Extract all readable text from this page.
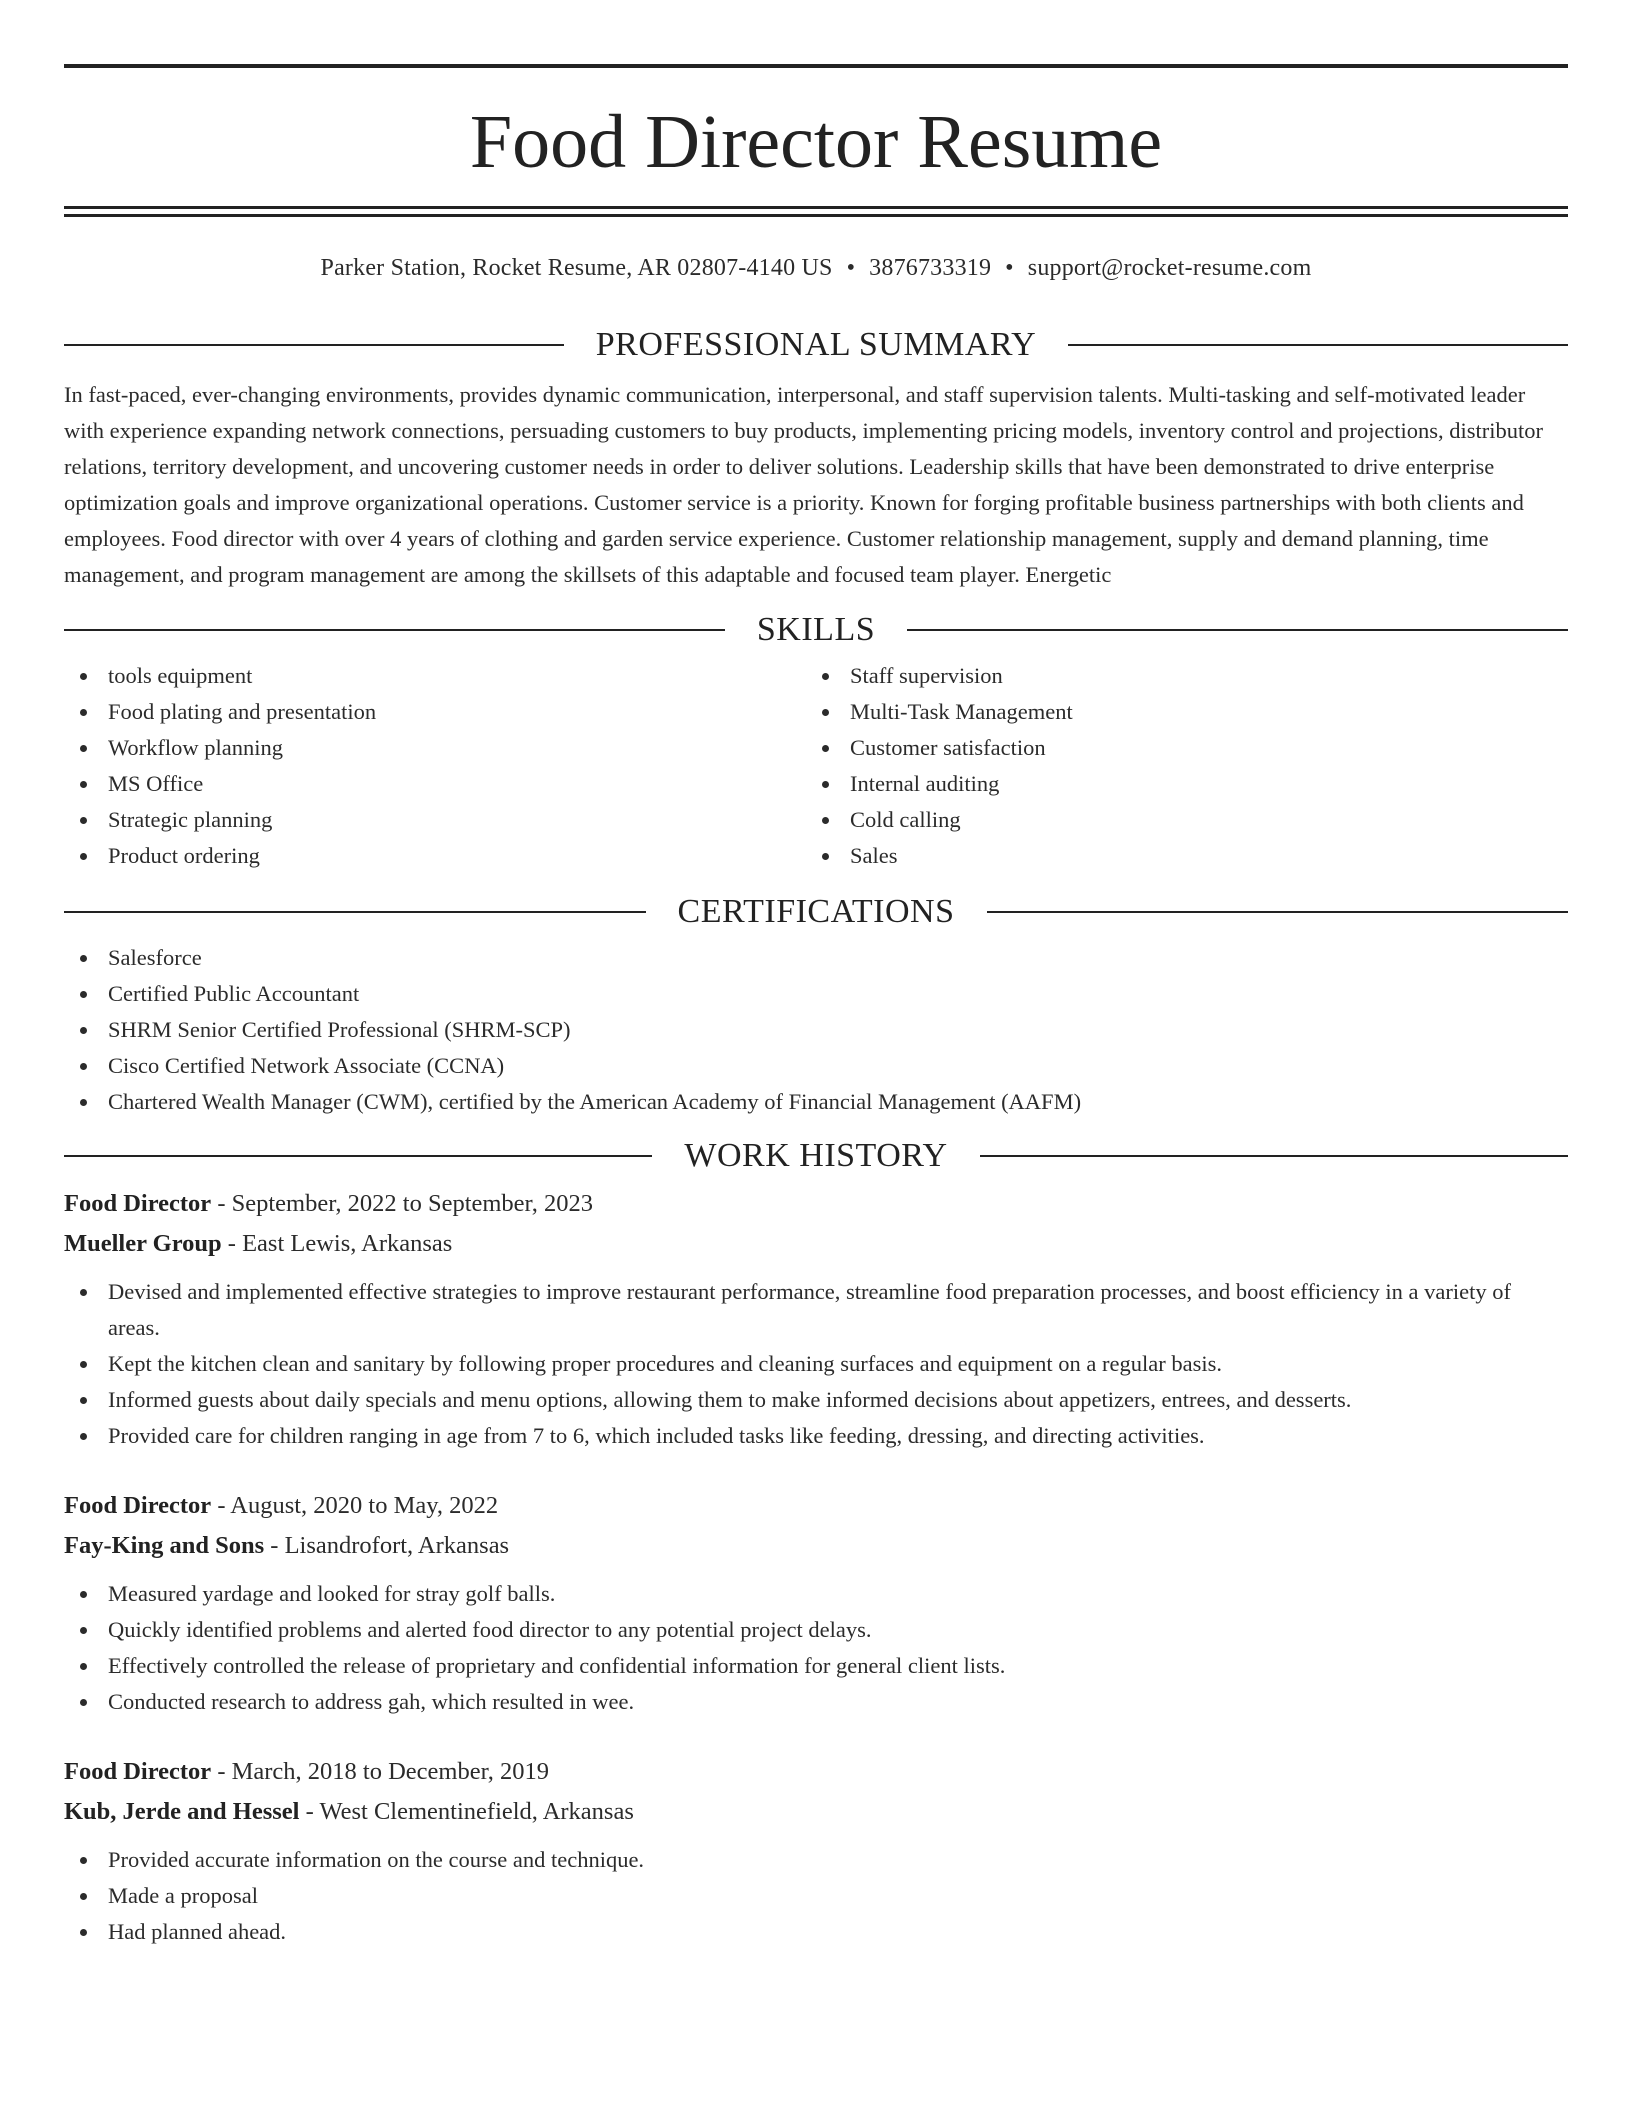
Food Director Resume
Parker Station, Rocket Resume, AR 02807-4140 US • 3876733319 • support@rocket-resume.com
PROFESSIONAL SUMMARY

In fast-paced, ever-changing environments, provides dynamic communication, interpersonal, and staff supervision talents. Multi-tasking and self-motivated leader with experience expanding network connections, persuading customers to buy products, implementing pricing models, inventory control and projections, distributor relations, territory development, and uncovering customer needs in order to deliver solutions. Leadership skills that have been demonstrated to drive enterprise optimization goals and improve organizational operations. Customer service is a priority. Known for forging profitable business partnerships with both clients and employees. Food director with over 4 years of clothing and garden service experience. Customer relationship management, supply and demand planning, time management, and program management are among the skillsets of this adaptable and focused team player. Energetic

SKILLS
tools equipment
Food plating and presentation
Workflow planning
MS Office
Strategic planning
Product ordering
Staff supervision
Multi-Task Management
Customer satisfaction
Internal auditing
Cold calling
Sales
CERTIFICATIONS
Salesforce
Certified Public Accountant
SHRM Senior Certified Professional (SHRM-SCP)
Cisco Certified Network Associate (CCNA)
Chartered Wealth Manager (CWM), certified by the American Academy of Financial Management (AAFM)
WORK HISTORY
Food Director - September, 2022 to September, 2023
Mueller Group - East Lewis, Arkansas
Devised and implemented effective strategies to improve restaurant performance, streamline food preparation processes, and boost efficiency in a variety of areas.
Kept the kitchen clean and sanitary by following proper procedures and cleaning surfaces and equipment on a regular basis.
Informed guests about daily specials and menu options, allowing them to make informed decisions about appetizers, entrees, and desserts.
Provided care for children ranging in age from 7 to 6, which included tasks like feeding, dressing, and directing activities.
Food Director - August, 2020 to May, 2022
Fay-King and Sons - Lisandrofort, Arkansas
Measured yardage and looked for stray golf balls.
Quickly identified problems and alerted food director to any potential project delays.
Effectively controlled the release of proprietary and confidential information for general client lists.
Conducted research to address gah, which resulted in wee.
Food Director - March, 2018 to December, 2019
Kub, Jerde and Hessel - West Clementinefield, Arkansas
Provided accurate information on the course and technique.
Made a proposal
Had planned ahead.
